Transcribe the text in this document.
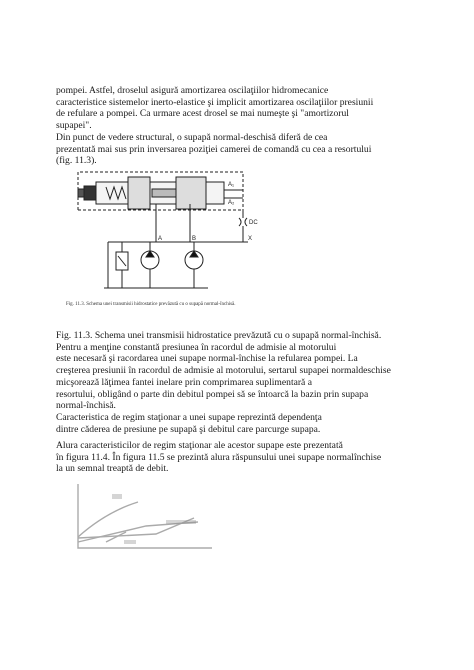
pompei. Astfel, droselul asigură amortizarea oscilaţiilor hidromecanice
caracteristice sistemelor inerto-elastice şi implicit amortizarea oscilaţiilor presiunii
de refulare a pompei. Ca urmare acest drosel se mai numeşte şi "amortizorul
supapei".
Din punct de vedere structural, o supapă normal-deschisă diferă de cea
prezentată mai sus prin inversarea poziţiei camerei de comandă cu cea a resortului
(fig. 11.3).
A₁
A₂
DC
A	B	X
Fig. 11.3. Schema unei transmisii hidrostatice prevăzută cu o supapă normal-închisă.
Fig. 11.3. Schema unei transmisii hidrostatice prevăzută cu o supapă normal-închisă.
Pentru a menţine constantă presiunea în racordul de admisie al motorului
este necesară şi racordarea unei supape normal-închise la refularea pompei. La
creşterea presiunii în racordul de admisie al motorului, sertarul supapei normaldeschise
micşorează lăţimea fantei inelare prin comprimarea suplimentară a
resortului, obligând o parte din debitul pompei să se întoarcă la bazin prin supapa
normal-închisă.
Caracteristica de regim staţionar a unei supape reprezintă dependenţa
dintre căderea de presiune pe supapă şi debitul care parcurge supapa.
Alura caracteristicilor de regim staţionar ale acestor supape este prezentată
în figura 11.4. În figura 11.5 se prezintă alura răspunsului unei supape normalînchise
la un semnal treaptă de debit.
